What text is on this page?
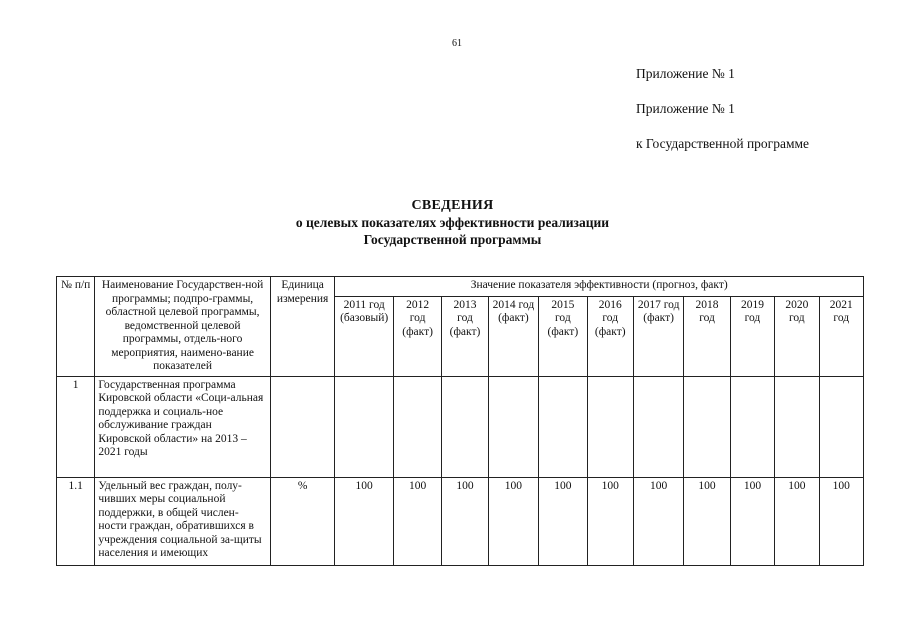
61
Приложение № 1
Приложение № 1
к Государственной программе
СВЕДЕНИЯ
о целевых показателях эффективности реализации
Государственной программы
№ п/п	Наименование Государствен-ной программы; подпро-граммы, областной целевой программы, ведомственной целевой программы, отдель-ного мероприятия, наимено-вание показателей	Единица измерения	Значение показателя эффективности (прогноз, факт)										
			2011 год (базовый)	2012 год (факт)	2013 год (факт)	2014 год (факт)	2015 год (факт)	2016 год (факт)	2017 год (факт)	2018 год	2019 год	2020 год	2021 год
1	Государственная программа Кировской области «Соци-альная поддержка и социаль-ное обслуживание граждан Кировской области» на 2013 – 2021 годы												
1.1	Удельный вес граждан, полу-чивших меры социальной поддержки, в общей числен-ности граждан, обратившихся в учреждения социальной за-щиты населения и имеющих	%	100	100	100	100	100	100	100	100	100	100	100
